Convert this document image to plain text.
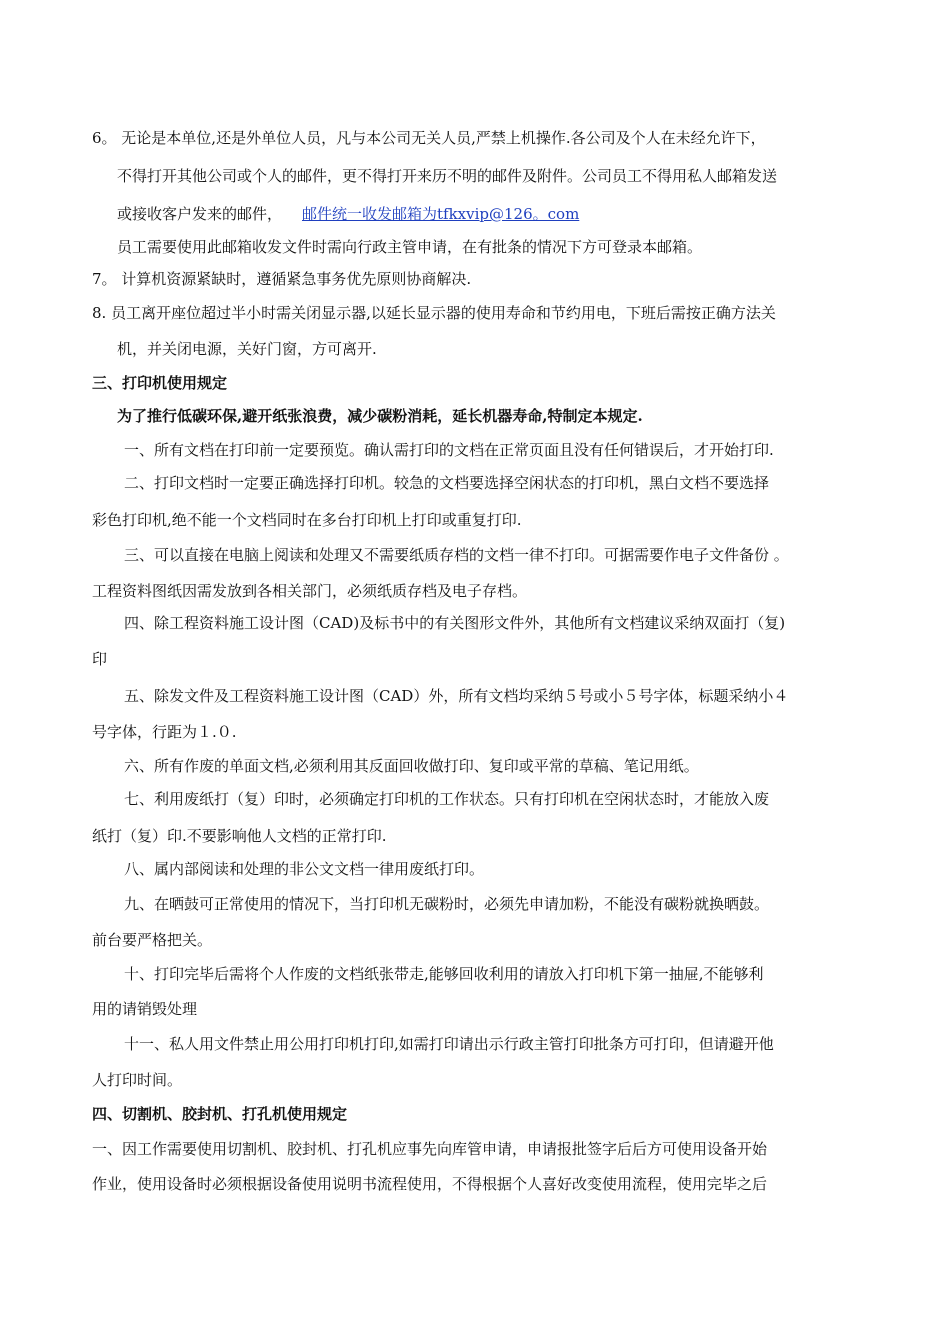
6。 无论是本单位,还是外单位人员，凡与本公司无关人员,严禁上机操作.各公司及个人在未经允许下，
不得打开其他公司或个人的邮件，更不得打开来历不明的邮件及附件。公司员工不得用私人邮箱发送
或接收客户发来的邮件， 邮件统一收发邮箱为tfkxvip@126。com
员工需要使用此邮箱收发文件时需向行政主管申请，在有批条的情况下方可登录本邮箱。
7。 计算机资源紧缺时，遵循紧急事务优先原则协商解决.
8. 员工离开座位超过半小时需关闭显示器,以延长显示器的使用寿命和节约用电，下班后需按正确方法关
机，并关闭电源，关好门窗，方可离开.
三、打印机使用规定
为了推行低碳环保,避开纸张浪费，减少碳粉消耗，延长机器寿命,特制定本规定.
一、所有文档在打印前一定要预览。确认需打印的文档在正常页面且没有任何错误后，才开始打印.
二、打印文档时一定要正确选择打印机。较急的文档要选择空闲状态的打印机，黑白文档不要选择
彩色打印机,绝不能一个文档同时在多台打印机上打印或重复打印.
三、可以直接在电脑上阅读和处理又不需要纸质存档的文档一律不打印。可据需要作电子文件备份 。
工程资料图纸因需发放到各相关部门，必须纸质存档及电子存档。
四、除工程资料施工设计图（CAD)及标书中的有关图形文件外，其他所有文档建议采纳双面打（复)
印
五、除发文件及工程资料施工设计图（CAD）外，所有文档均采纳５号或小５号字体，标题采纳小４
号字体，行距为１.０.
六、所有作废的单面文档,必须利用其反面回收做打印、复印或平常的草稿、笔记用纸。
七、利用废纸打（复）印时，必须确定打印机的工作状态。只有打印机在空闲状态时，才能放入废
纸打（复）印.不要影响他人文档的正常打印.
八、属内部阅读和处理的非公文文档一律用废纸打印。
九、在晒鼓可正常使用的情况下，当打印机无碳粉时，必须先申请加粉，不能没有碳粉就换晒鼓。
前台要严格把关。
十、打印完毕后需将个人作废的文档纸张带走,能够回收利用的请放入打印机下第一抽屉,不能够利
用的请销毁处理
十一、私人用文件禁止用公用打印机打印,如需打印请出示行政主管打印批条方可打印，但请避开他
人打印时间。
四、切割机、胶封机、打孔机使用规定
一、因工作需要使用切割机、胶封机、打孔机应事先向库管申请，申请报批签字后后方可使用设备开始
作业，使用设备时必须根据设备使用说明书流程使用，不得根据个人喜好改变使用流程，使用完毕之后
